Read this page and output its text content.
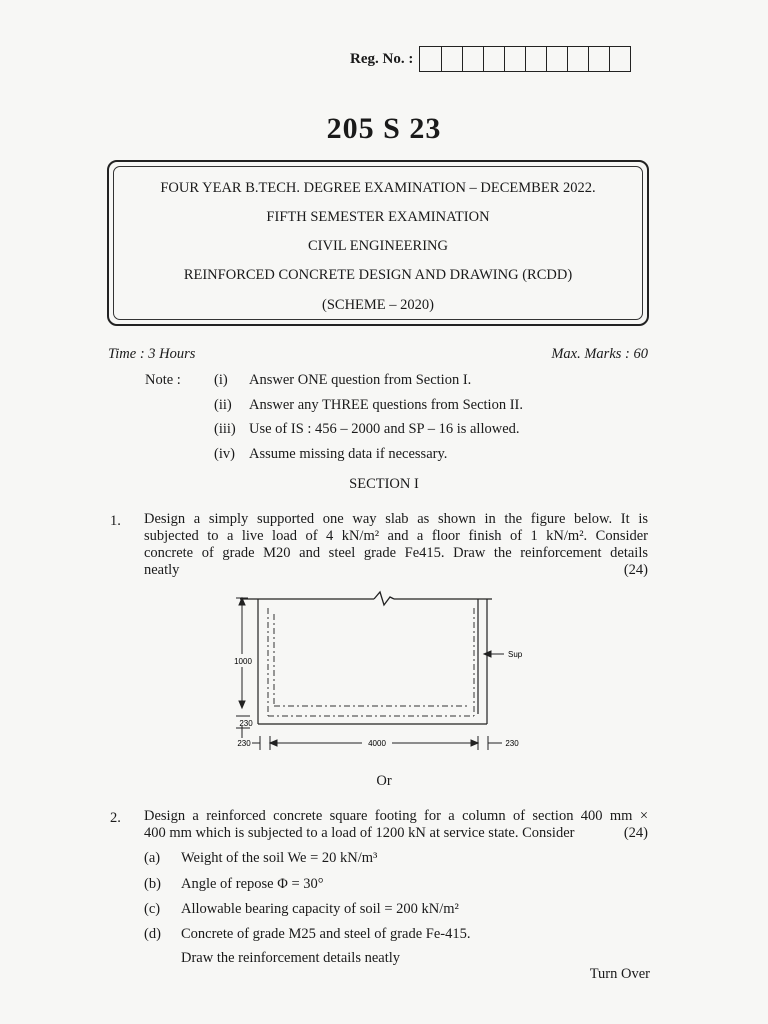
Reg. No. :
205 S 23
FOUR YEAR B.TECH. DEGREE EXAMINATION – DECEMBER 2022.
FIFTH SEMESTER EXAMINATION
CIVIL ENGINEERING
REINFORCED CONCRETE DESIGN AND DRAWING (RCDD)
(SCHEME – 2020)
Time : 3 Hours	Max. Marks : 60
Note : (i) Answer ONE question from Section I.
(ii) Answer any THREE questions from Section II.
(iii) Use of IS : 456 – 2000 and SP – 16 is allowed.
(iv) Assume missing data if necessary.
SECTION I
1. Design a simply supported one way slab as shown in the figure below. It is
subjected to a live load of 4 kN/m² and a floor finish of 1 kN/m². Consider
concrete of grade M20 and steel grade Fe415. Draw the reinforcement details
neatly	(24)
1000
230
4000
230	230
Sup
Or
2. Design a reinforced concrete square footing for a column of section 400 mm ×
400 mm which is subjected to a load of 1200 kN at service state. Consider	(24)
(a) Weight of the soil We = 20 kN/m³
(b) Angle of repose Φ = 30°
(c) Allowable bearing capacity of soil = 200 kN/m²
(d) Concrete of grade M25 and steel of grade Fe-415.
Draw the reinforcement details neatly
Turn Over
